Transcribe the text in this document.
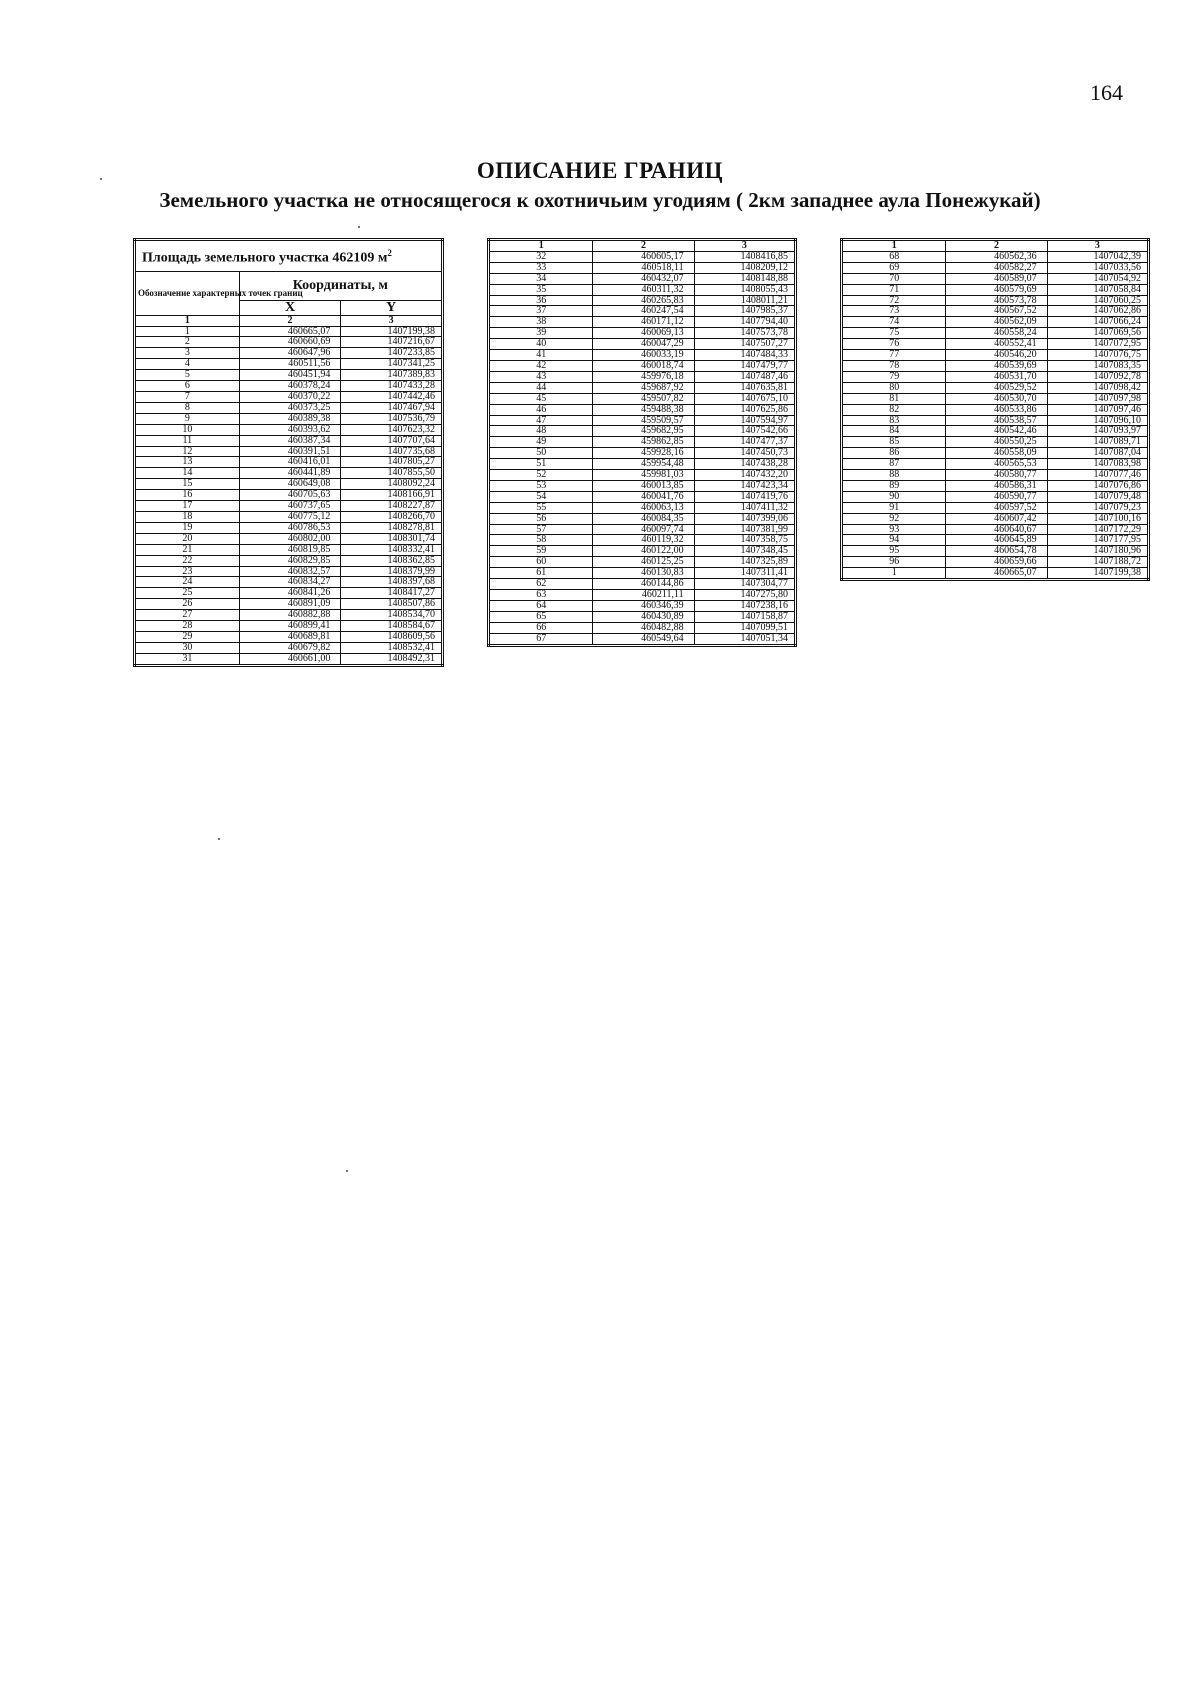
164
ОПИСАНИЕ ГРАНИЦ
Земельного участка не относящегося к охотничьим угодиям ( 2км западнее аула Понежукай)
Площадь земельного участка 462109 $м^2$
Обозначение характерных точек границ	Координаты, м	
	X	Y
1	2	3
1	460665,07	1407199,38
2	460660,69	1407216,67
3	460647,96	1407233,85
4	460511,56	1407341,25
5	460451,94	1407389,83
6	460378,24	1407433,28
7	460370,22	1407442,46
8	460373,25	1407467,94
9	460389,38	1407536,79
10	460393,62	1407623,32
11	460387,34	1407707,64
12	460391,51	1407735,68
13	460416,01	1407805,27
14	460441,89	1407855,50
15	460649,08	1408092,24
16	460705,63	1408166,91
17	460737,65	1408227,87
18	460775,12	1408266,70
19	460786,53	1408278,81
20	460802,00	1408301,74
21	460819,85	1408332,41
22	460829,85	1408362,85
23	460832,57	1408379,99
24	460834,27	1408397,68
25	460841,26	1408417,27
26	460891,09	1408507,86
27	460882,88	1408534,70
28	460899,41	1408584,67
29	460689,81	1408609,56
30	460679,82	1408532,41
31	460661,00	1408492,31
1	2	3
32	460605,17	1408416,85
33	460518,11	1408209,12
34	460432,07	1408148,88
35	460311,32	1408055,43
36	460265,83	1408011,21
37	460247,54	1407985,37
38	460171,12	1407794,40
39	460069,13	1407573,78
40	460047,29	1407507,27
41	460033,19	1407484,33
42	460018,74	1407479,77
43	459976,18	1407487,46
44	459687,92	1407635,81
45	459507,82	1407675,10
46	459488,38	1407625,86
47	459509,57	1407594,97
48	459682,95	1407542,66
49	459862,85	1407477,37
50	459928,16	1407450,73
51	459954,48	1407438,28
52	459981,03	1407432,20
53	460013,85	1407423,34
54	460041,76	1407419,76
55	460063,13	1407411,32
56	460084,35	1407399,06
57	460097,74	1407381,99
58	460119,32	1407358,75
59	460122,00	1407348,45
60	460125,25	1407325,89
61	460130,83	1407311,41
62	460144,86	1407304,77
63	460211,11	1407275,80
64	460346,39	1407238,16
65	460430,89	1407158,87
66	460482,88	1407099,51
67	460549,64	1407051,34
1	2	3
68	460562,36	1407042,39
69	460582,27	1407033,56
70	460589,07	1407054,92
71	460579,69	1407058,84
72	460573,78	1407060,25
73	460567,52	1407062,86
74	460562,09	1407066,24
75	460558,24	1407069,56
76	460552,41	1407072,95
77	460546,20	1407076,75
78	460539,69	1407083,35
79	460531,70	1407092,78
80	460529,52	1407098,42
81	460530,70	1407097,98
82	460533,86	1407097,46
83	460538,57	1407096,10
84	460542,46	1407093,97
85	460550,25	1407089,71
86	460558,09	1407087,04
87	460565,53	1407083,98
88	460580,77	1407077,46
89	460586,31	1407076,86
90	460590,77	1407079,48
91	460597,52	1407079,23
92	460607,42	1407100,16
93	460640,67	1407172,29
94	460645,89	1407177,95
95	460654,78	1407180,96
96	460659,66	1407188,72
1	460665,07	1407199,38
